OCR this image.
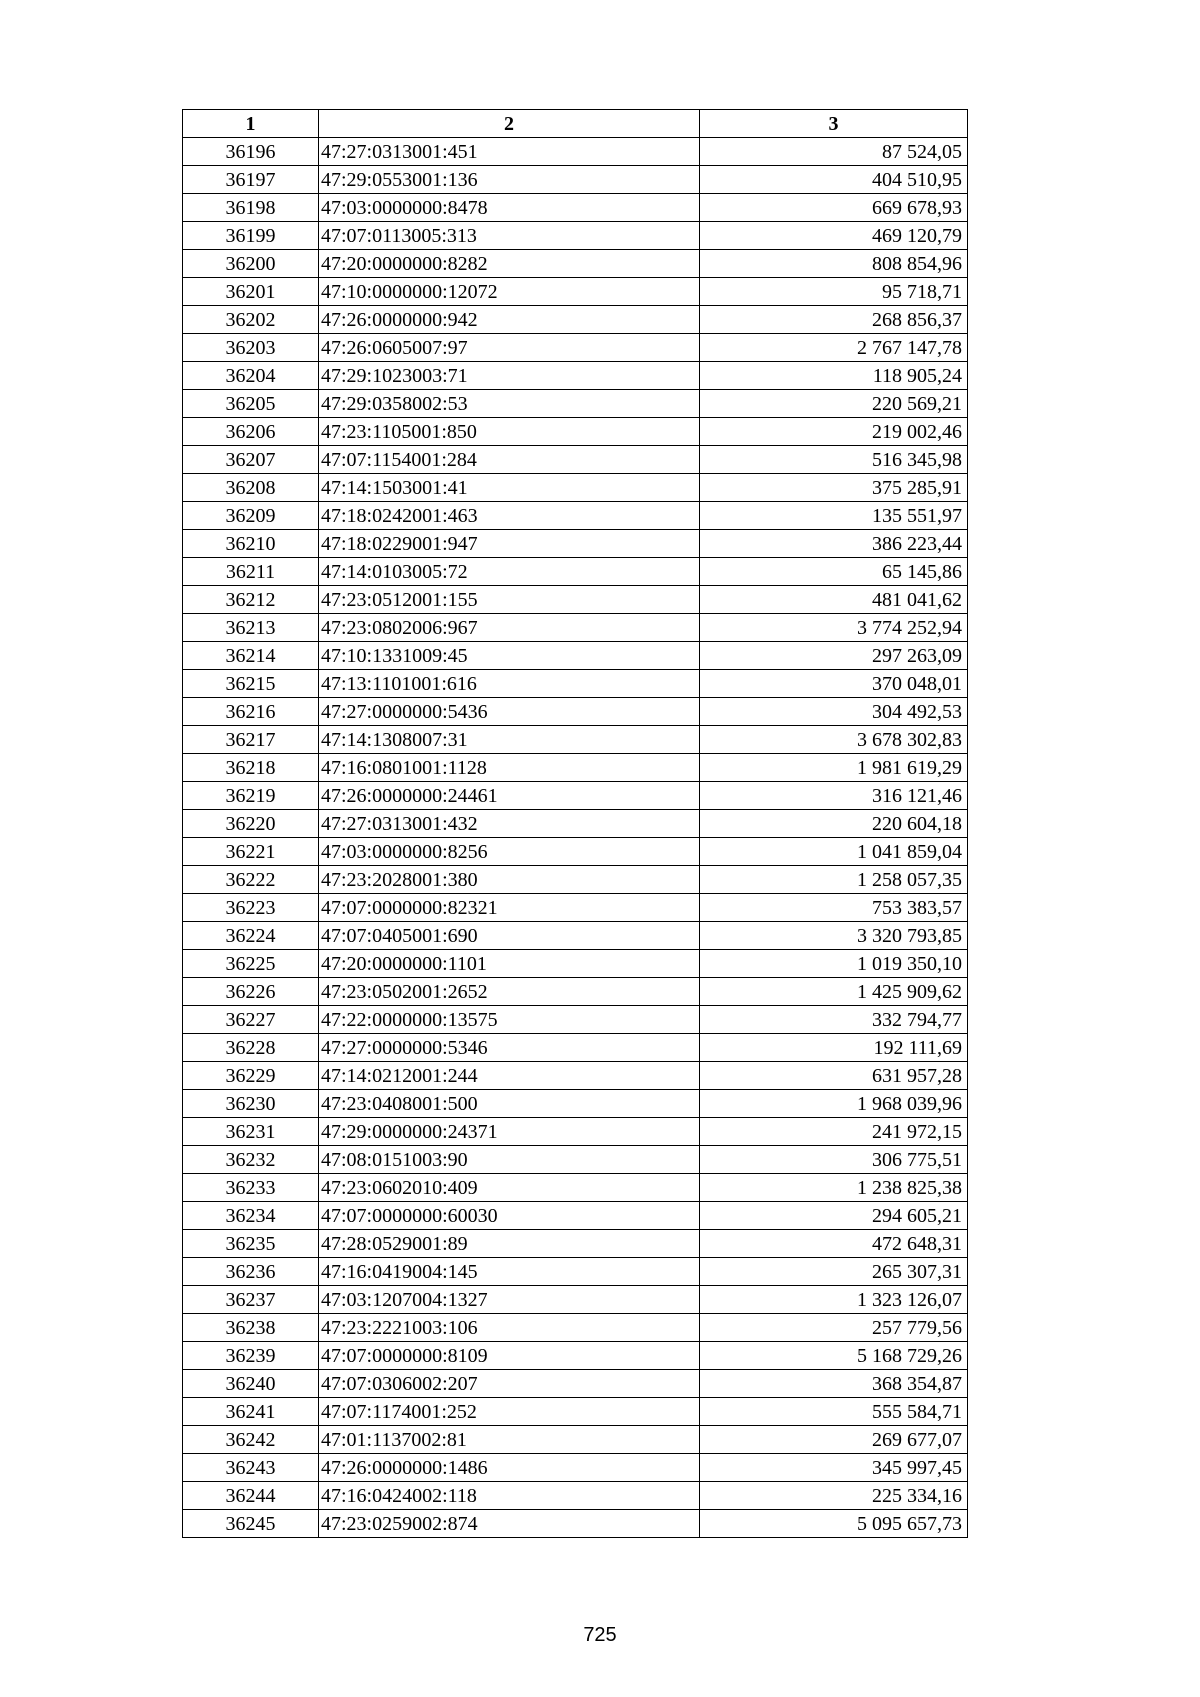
1	2	3
36196	47:27:0313001:451	87 524,05
36197	47:29:0553001:136	404 510,95
36198	47:03:0000000:8478	669 678,93
36199	47:07:0113005:313	469 120,79
36200	47:20:0000000:8282	808 854,96
36201	47:10:0000000:12072	95 718,71
36202	47:26:0000000:942	268 856,37
36203	47:26:0605007:97	2 767 147,78
36204	47:29:1023003:71	118 905,24
36205	47:29:0358002:53	220 569,21
36206	47:23:1105001:850	219 002,46
36207	47:07:1154001:284	516 345,98
36208	47:14:1503001:41	375 285,91
36209	47:18:0242001:463	135 551,97
36210	47:18:0229001:947	386 223,44
36211	47:14:0103005:72	65 145,86
36212	47:23:0512001:155	481 041,62
36213	47:23:0802006:967	3 774 252,94
36214	47:10:1331009:45	297 263,09
36215	47:13:1101001:616	370 048,01
36216	47:27:0000000:5436	304 492,53
36217	47:14:1308007:31	3 678 302,83
36218	47:16:0801001:1128	1 981 619,29
36219	47:26:0000000:24461	316 121,46
36220	47:27:0313001:432	220 604,18
36221	47:03:0000000:8256	1 041 859,04
36222	47:23:2028001:380	1 258 057,35
36223	47:07:0000000:82321	753 383,57
36224	47:07:0405001:690	3 320 793,85
36225	47:20:0000000:1101	1 019 350,10
36226	47:23:0502001:2652	1 425 909,62
36227	47:22:0000000:13575	332 794,77
36228	47:27:0000000:5346	192 111,69
36229	47:14:0212001:244	631 957,28
36230	47:23:0408001:500	1 968 039,96
36231	47:29:0000000:24371	241 972,15
36232	47:08:0151003:90	306 775,51
36233	47:23:0602010:409	1 238 825,38
36234	47:07:0000000:60030	294 605,21
36235	47:28:0529001:89	472 648,31
36236	47:16:0419004:145	265 307,31
36237	47:03:1207004:1327	1 323 126,07
36238	47:23:2221003:106	257 779,56
36239	47:07:0000000:8109	5 168 729,26
36240	47:07:0306002:207	368 354,87
36241	47:07:1174001:252	555 584,71
36242	47:01:1137002:81	269 677,07
36243	47:26:0000000:1486	345 997,45
36244	47:16:0424002:118	225 334,16
36245	47:23:0259002:874	5 095 657,73
725
